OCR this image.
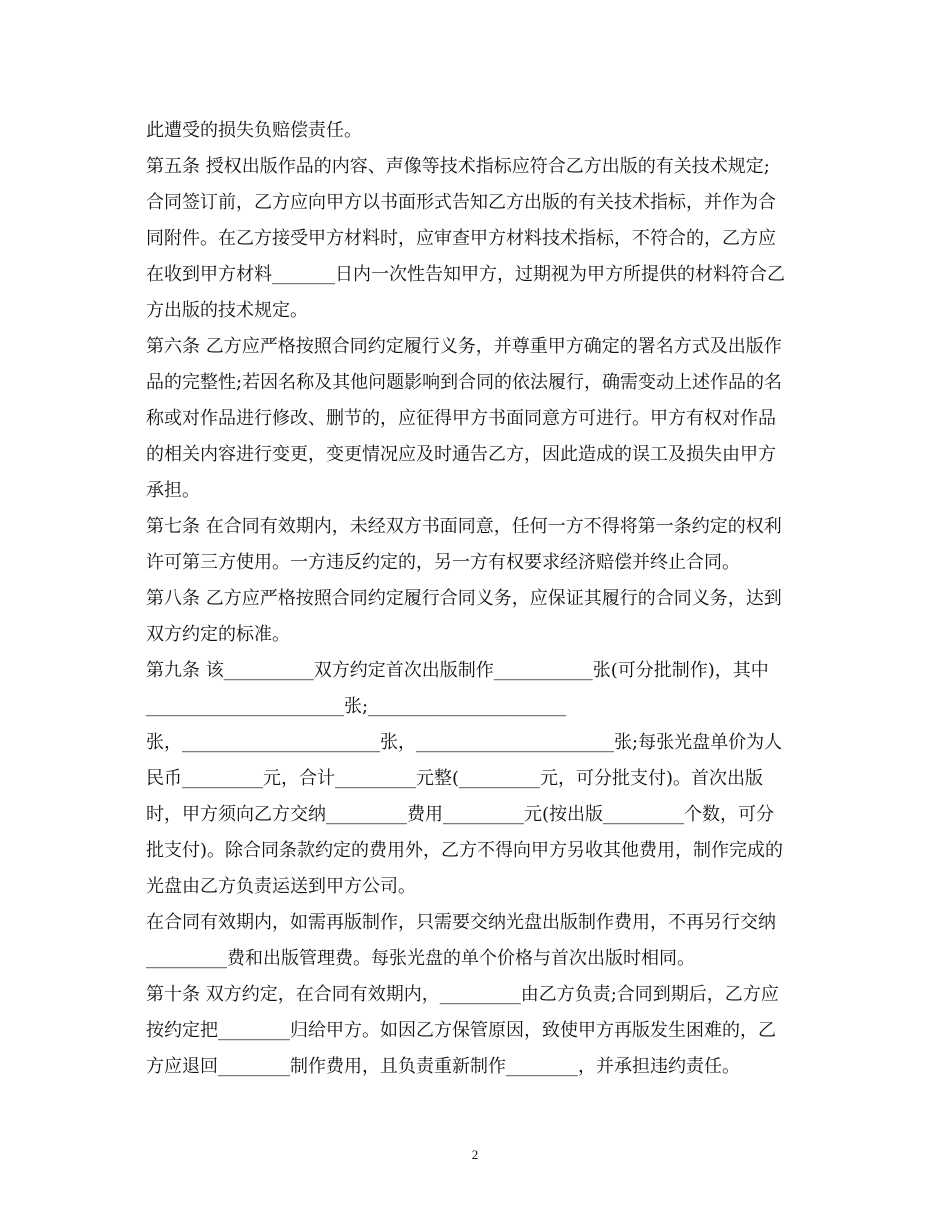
此遭受的损失负赔偿责任。
第五条 授权出版作品的内容、声像等技术指标应符合乙方出版的有关技术规定;
合同签订前，乙方应向甲方以书面形式告知乙方出版的有关技术指标，并作为合
同附件。在乙方接受甲方材料时，应审查甲方材料技术指标，不符合的，乙方应
在收到甲方材料_______日内一次性告知甲方，过期视为甲方所提供的材料符合乙
方出版的技术规定。
第六条 乙方应严格按照合同约定履行义务，并尊重甲方确定的署名方式及出版作
品的完整性;若因名称及其他问题影响到合同的依法履行，确需变动上述作品的名
称或对作品进行修改、删节的，应征得甲方书面同意方可进行。甲方有权对作品
的相关内容进行变更，变更情况应及时通告乙方，因此造成的误工及损失由甲方
承担。
第七条 在合同有效期内，未经双方书面同意，任何一方不得将第一条约定的权利
许可第三方使用。一方违反约定的，另一方有权要求经济赔偿并终止合同。
第八条 乙方应严格按照合同约定履行合同义务，应保证其履行的合同义务，达到
双方约定的标准。
第九条 该__________双方约定首次出版制作___________张(可分批制作)，其中
______________________张;______________________
张，______________________张，______________________张;每张光盘单价为人
民币_________元，合计_________元整(_________元，可分批支付)。首次出版
时，甲方须向乙方交纳_________费用_________元(按出版_________个数，可分
批支付)。除合同条款约定的费用外，乙方不得向甲方另收其他费用，制作完成的
光盘由乙方负责运送到甲方公司。
在合同有效期内，如需再版制作，只需要交纳光盘出版制作费用，不再另行交纳
_________费和出版管理费。每张光盘的单个价格与首次出版时相同。
第十条 双方约定，在合同有效期内，_________由乙方负责;合同到期后，乙方应
按约定把________归给甲方。如因乙方保管原因，致使甲方再版发生困难的，乙
方应退回________制作费用，且负责重新制作________，并承担违约责任。
2
